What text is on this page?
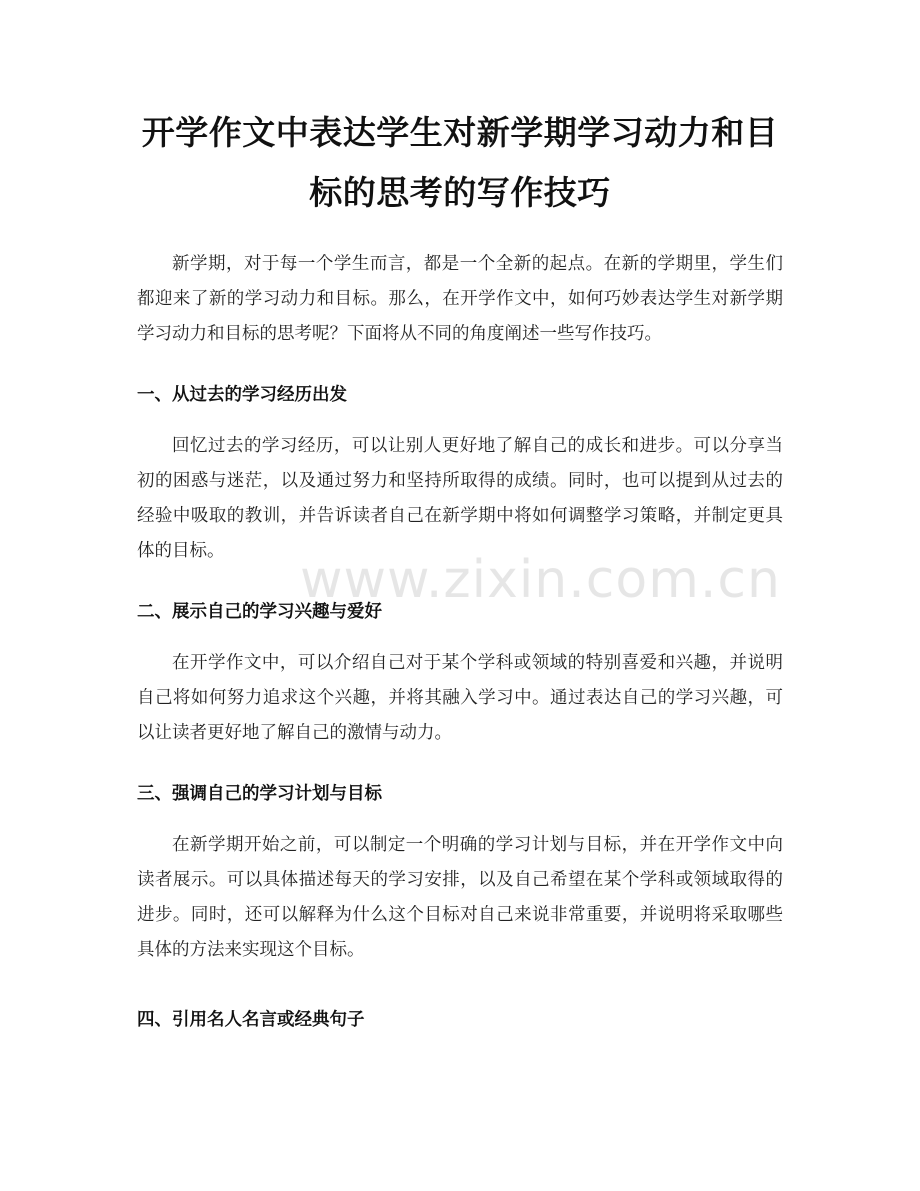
开学作文中表达学生对新学期学习动力和目标的思考的写作技巧

新学期，对于每一个学生而言，都是一个全新的起点。在新的学期里，学生们都迎来了新的学习动力和目标。那么，在开学作文中，如何巧妙表达学生对新学期学习动力和目标的思考呢？下面将从不同的角度阐述一些写作技巧。

一、从过去的学习经历出发

回忆过去的学习经历，可以让别人更好地了解自己的成长和进步。可以分享当初的困惑与迷茫，以及通过努力和坚持所取得的成绩。同时，也可以提到从过去的经验中吸取的教训，并告诉读者自己在新学期中将如何调整学习策略，并制定更具体的目标。

二、展示自己的学习兴趣与爱好

在开学作文中，可以介绍自己对于某个学科或领域的特别喜爱和兴趣，并说明自己将如何努力追求这个兴趣，并将其融入学习中。通过表达自己的学习兴趣，可以让读者更好地了解自己的激情与动力。

三、强调自己的学习计划与目标

在新学期开始之前，可以制定一个明确的学习计划与目标，并在开学作文中向读者展示。可以具体描述每天的学习安排，以及自己希望在某个学科或领域取得的进步。同时，还可以解释为什么这个目标对自己来说非常重要，并说明将采取哪些具体的方法来实现这个目标。

四、引用名人名言或经典句子
www.zixin.com.cn
